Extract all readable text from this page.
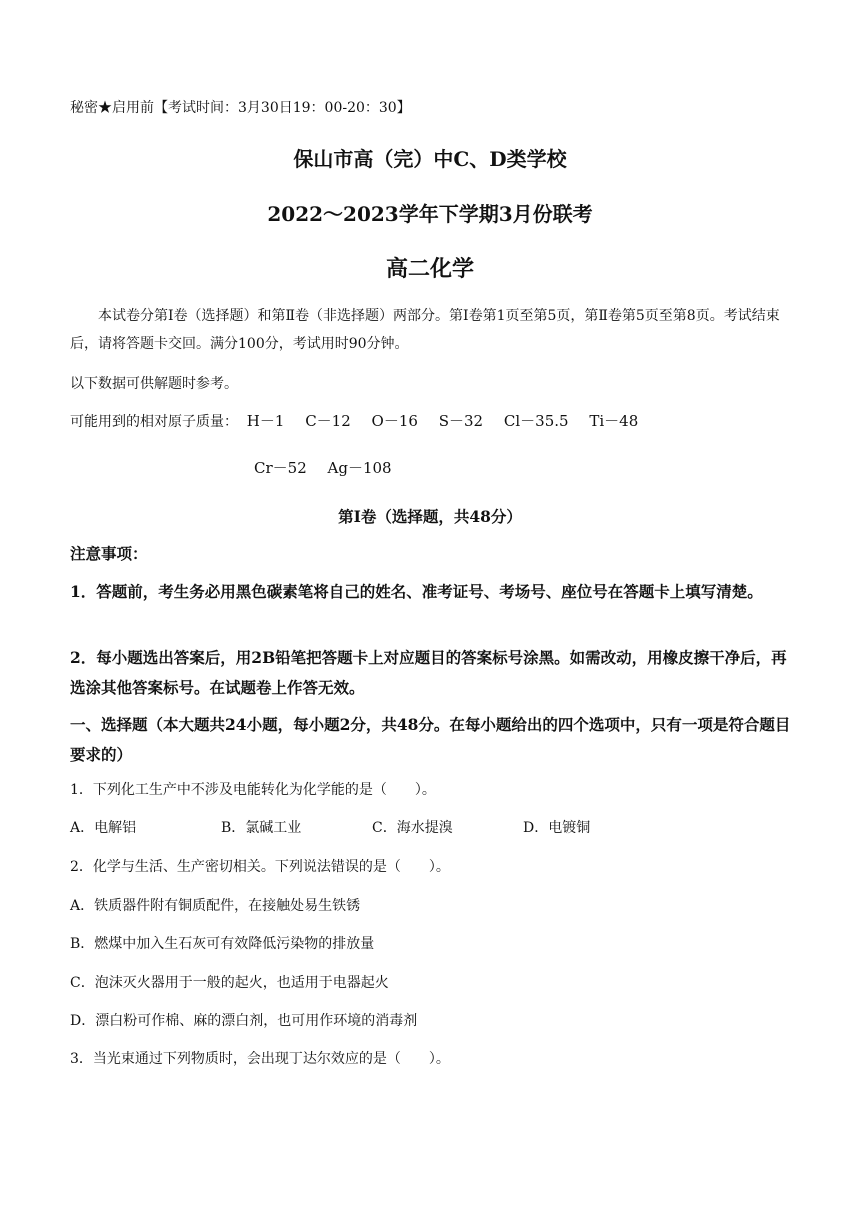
秘密★启用前【考试时间：3月30日19：00-20：30】
保山市高（完）中C、D类学校
2022～2023学年下学期3月份联考
高二化学
本试卷分第Ⅰ卷（选择题）和第Ⅱ卷（非选择题）两部分。第Ⅰ卷第1页至第5页，第Ⅱ卷第5页至第8页。考试结束后，请将答题卡交回。满分100分，考试用时90分钟。
以下数据可供解题时参考。
可能用到的相对原子质量： H－1 C－12 O－16 S－32 Cl－35.5 Ti－48
Cr－52 Ag－108
第Ⅰ卷（选择题，共48分）
注意事项：
1．答题前，考生务必用黑色碳素笔将自己的姓名、准考证号、考场号、座位号在答题卡上填写清楚。
2．每小题选出答案后，用2B铅笔把答题卡上对应题目的答案标号涂黑。如需改动，用橡皮擦干净后，再选涂其他答案标号。在试题卷上作答无效。
一、选择题（本大题共24小题，每小题2分，共48分。在每小题给出的四个选项中，只有一项是符合题目要求的）
1．下列化工生产中不涉及电能转化为化学能的是（　　）。
A．电解铝	B．氯碱工业	C．海水提溴	D．电镀铜
2．化学与生活、生产密切相关。下列说法错误的是（　　）。
A．铁质器件附有铜质配件，在接触处易生铁锈
B．燃煤中加入生石灰可有效降低污染物的排放量
C．泡沫灭火器用于一般的起火，也适用于电器起火
D．漂白粉可作棉、麻的漂白剂，也可用作环境的消毒剂
3．当光束通过下列物质时，会出现丁达尔效应的是（　　）。
